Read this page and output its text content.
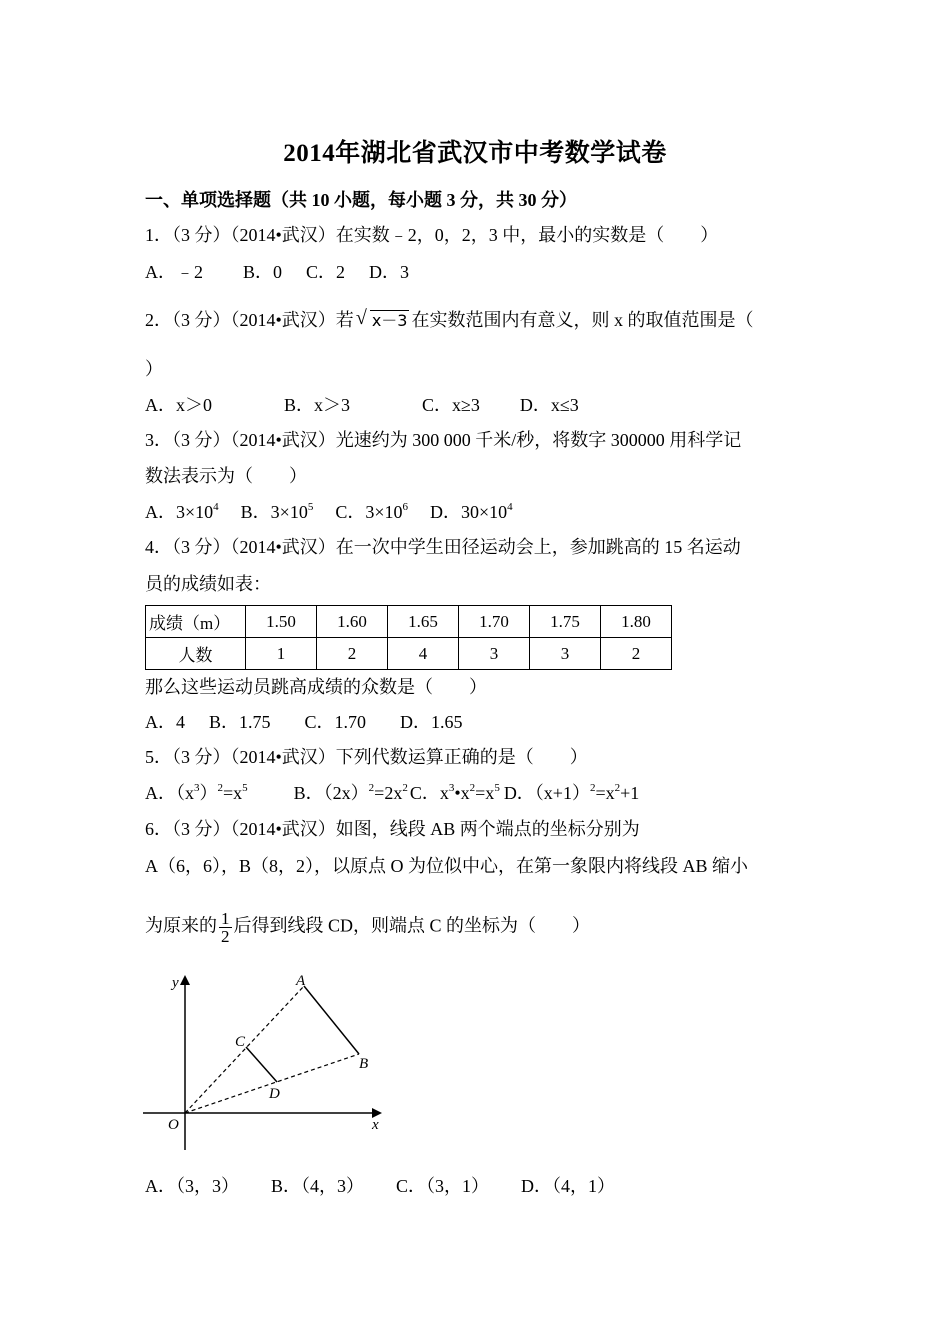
2014年湖北省武汉市中考数学试卷
一、单项选择题（共 10 小题，每小题 3 分，共 30 分）
1．（3 分）（2014•武汉）在实数﹣2，0，2，3 中，最小的实数是（　　）
A．﹣2 B．0 C．2 D．3
2．（3 分）（2014•武汉）若 √ x－3 在实数范围内有意义，则 x 的取值范围是（
）
A．x＞0	B．x＞3	C．x≥3 D．x≤3
3．（3 分）（2014•武汉）光速约为 300 000 千米/秒，将数字 300000 用科学记
数法表示为（　　）
A．$3\times 10^4$ B．$3\times 10^5$ C．$3\times 10^6$ D．$30\times 10^4$
4．（3 分）（2014•武汉）在一次中学生田径运动会上，参加跳高的 15 名运动
员的成绩如表：
成绩（m）	1.50	1.60	1.65	1.70	1.75	1.80
人数	1	2	4	3	3	2
那么这些运动员跳高成绩的众数是（　　）
A．4 B．1.75 C．1.70 D．1.65
5．（3 分）（2014•武汉）下列代数运算正确的是（　　）
A．$(x^3)^2=x^5$	B．$(2x)^2=2x^2$ C．$x^3•x^2=x^5$ D．$(x+1)^2=x^2+1$
6．（3 分）（2014•武汉）如图，线段 AB 两个端点的坐标分别为
A（6，6），B（8，2），以原点 O 为位似中心，在第一象限内将线段 AB 缩小
为原来的 $\frac{1}{2}$ 后得到线段 CD，则端点 C 的坐标为（　　）
y
x
O
A
B
C
D
A．（3，3） B．（4，3） C．（3，1） D．（4，1）
